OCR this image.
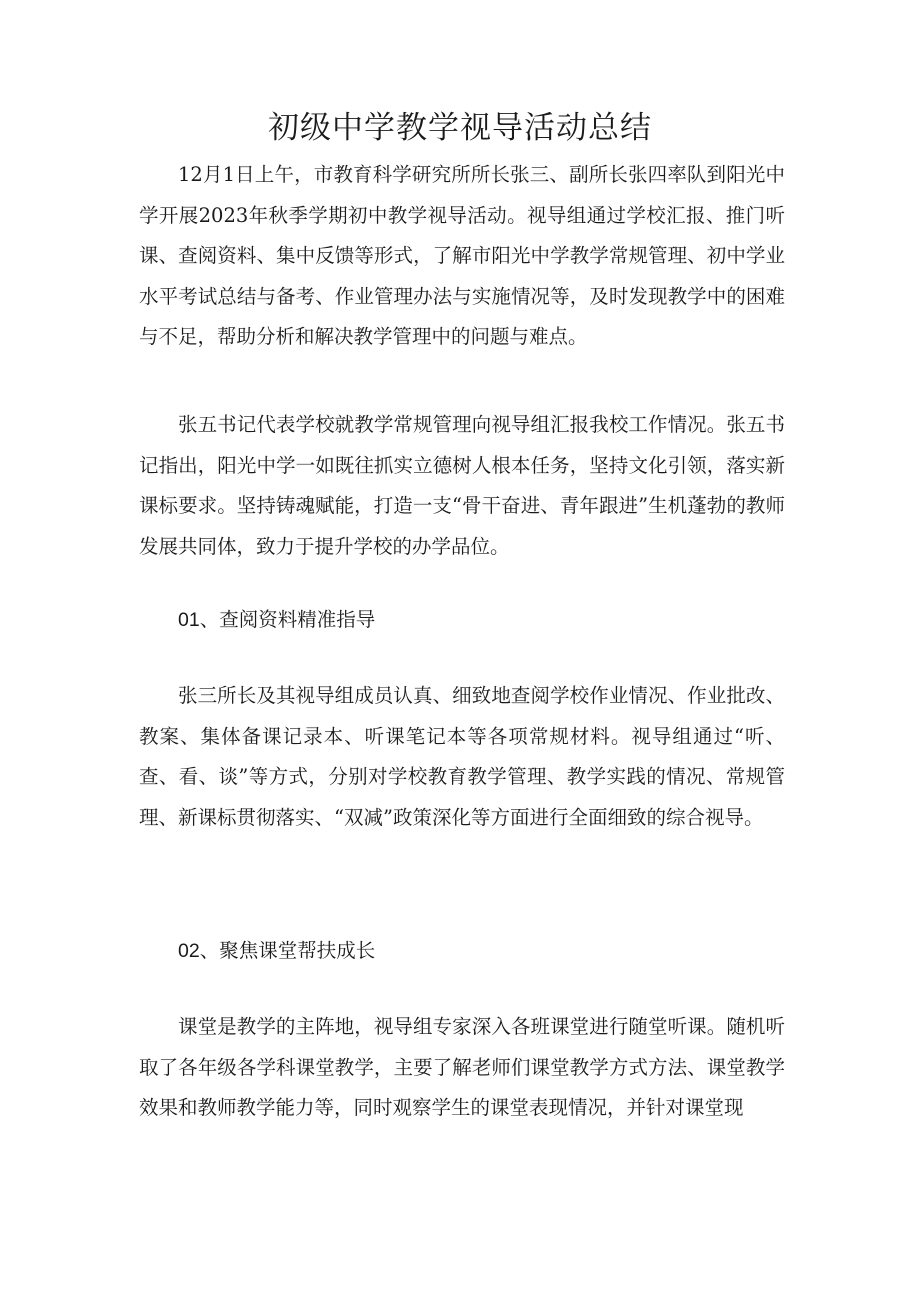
初级中学教学视导活动总结

12月1日上午，市教育科学研究所所长张三、副所长张四率队到阳光中学开展2023年秋季学期初中教学视导活动。视导组通过学校汇报、推门听课、查阅资料、集中反馈等形式，了解市阳光中学教学常规管理、初中学业水平考试总结与备考、作业管理办法与实施情况等，及时发现教学中的困难与不足，帮助分析和解决教学管理中的问题与难点。

张五书记代表学校就教学常规管理向视导组汇报我校工作情况。张五书记指出，阳光中学一如既往抓实立德树人根本任务，坚持文化引领，落实新课标要求。坚持铸魂赋能，打造一支“骨干奋进、青年跟进”生机蓬勃的教师发展共同体，致力于提升学校的办学品位。

01、查阅资料精准指导

张三所长及其视导组成员认真、细致地查阅学校作业情况、作业批改、教案、集体备课记录本、听课笔记本等各项常规材料。视导组通过“听、查、看、谈”等方式，分别对学校教育教学管理、教学实践的情况、常规管理、新课标贯彻落实、“双减”政策深化等方面进行全面细致的综合视导。

02、聚焦课堂帮扶成长

课堂是教学的主阵地，视导组专家深入各班课堂进行随堂听课。随机听取了各年级各学科课堂教学，主要了解老师们课堂教学方式方法、课堂教学效果和教师教学能力等，同时观察学生的课堂表现情况，并针对课堂现
